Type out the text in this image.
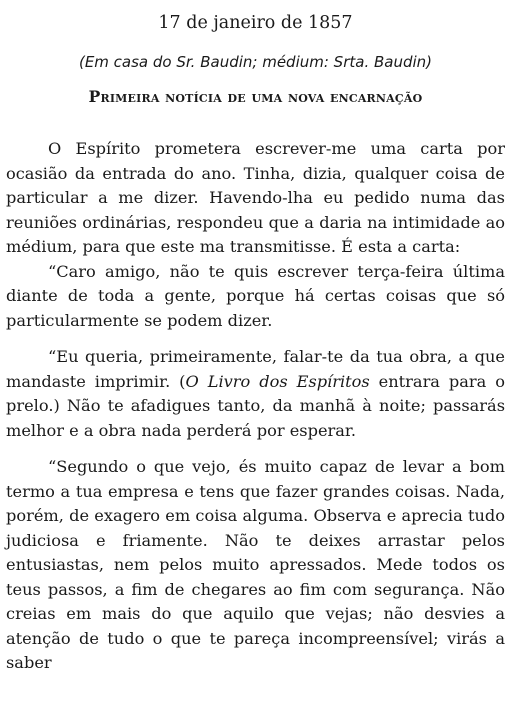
17 de janeiro de 1857
(Em casa do Sr. Baudin; médium: Srta. Baudin)
Primeira notícia de uma nova encarnação

O Espírito prometera escrever-me uma carta por ocasião da entrada do ano. Tinha, dizia, qualquer coisa de particular a me dizer. Havendo-lha eu pedido numa das reuniões ordinárias, respondeu que a daria na intimidade ao médium, para que este ma transmitisse. É esta a carta:

“Caro amigo, não te quis escrever terça-feira última diante de toda a gente, porque há certas coisas que só particularmente se podem dizer.

“Eu queria, primeiramente, falar-te da tua obra, a que mandaste imprimir. (O Livro dos Espíritos entrara para o prelo.) Não te afadigues tanto, da manhã à noite; passarás melhor e a obra nada perderá por esperar.

“Segundo o que vejo, és muito capaz de levar a bom termo a tua empresa e tens que fazer grandes coisas. Nada, porém, de exagero em coisa alguma. Observa e aprecia tudo judiciosa e friamente. Não te deixes arrastar pelos entusiastas, nem pelos muito apressados. Mede todos os teus passos, a fim de chegares ao fim com segurança. Não creias em mais do que aquilo que vejas; não desvies a atenção de tudo o que te pareça incompreensível; virás a saber
